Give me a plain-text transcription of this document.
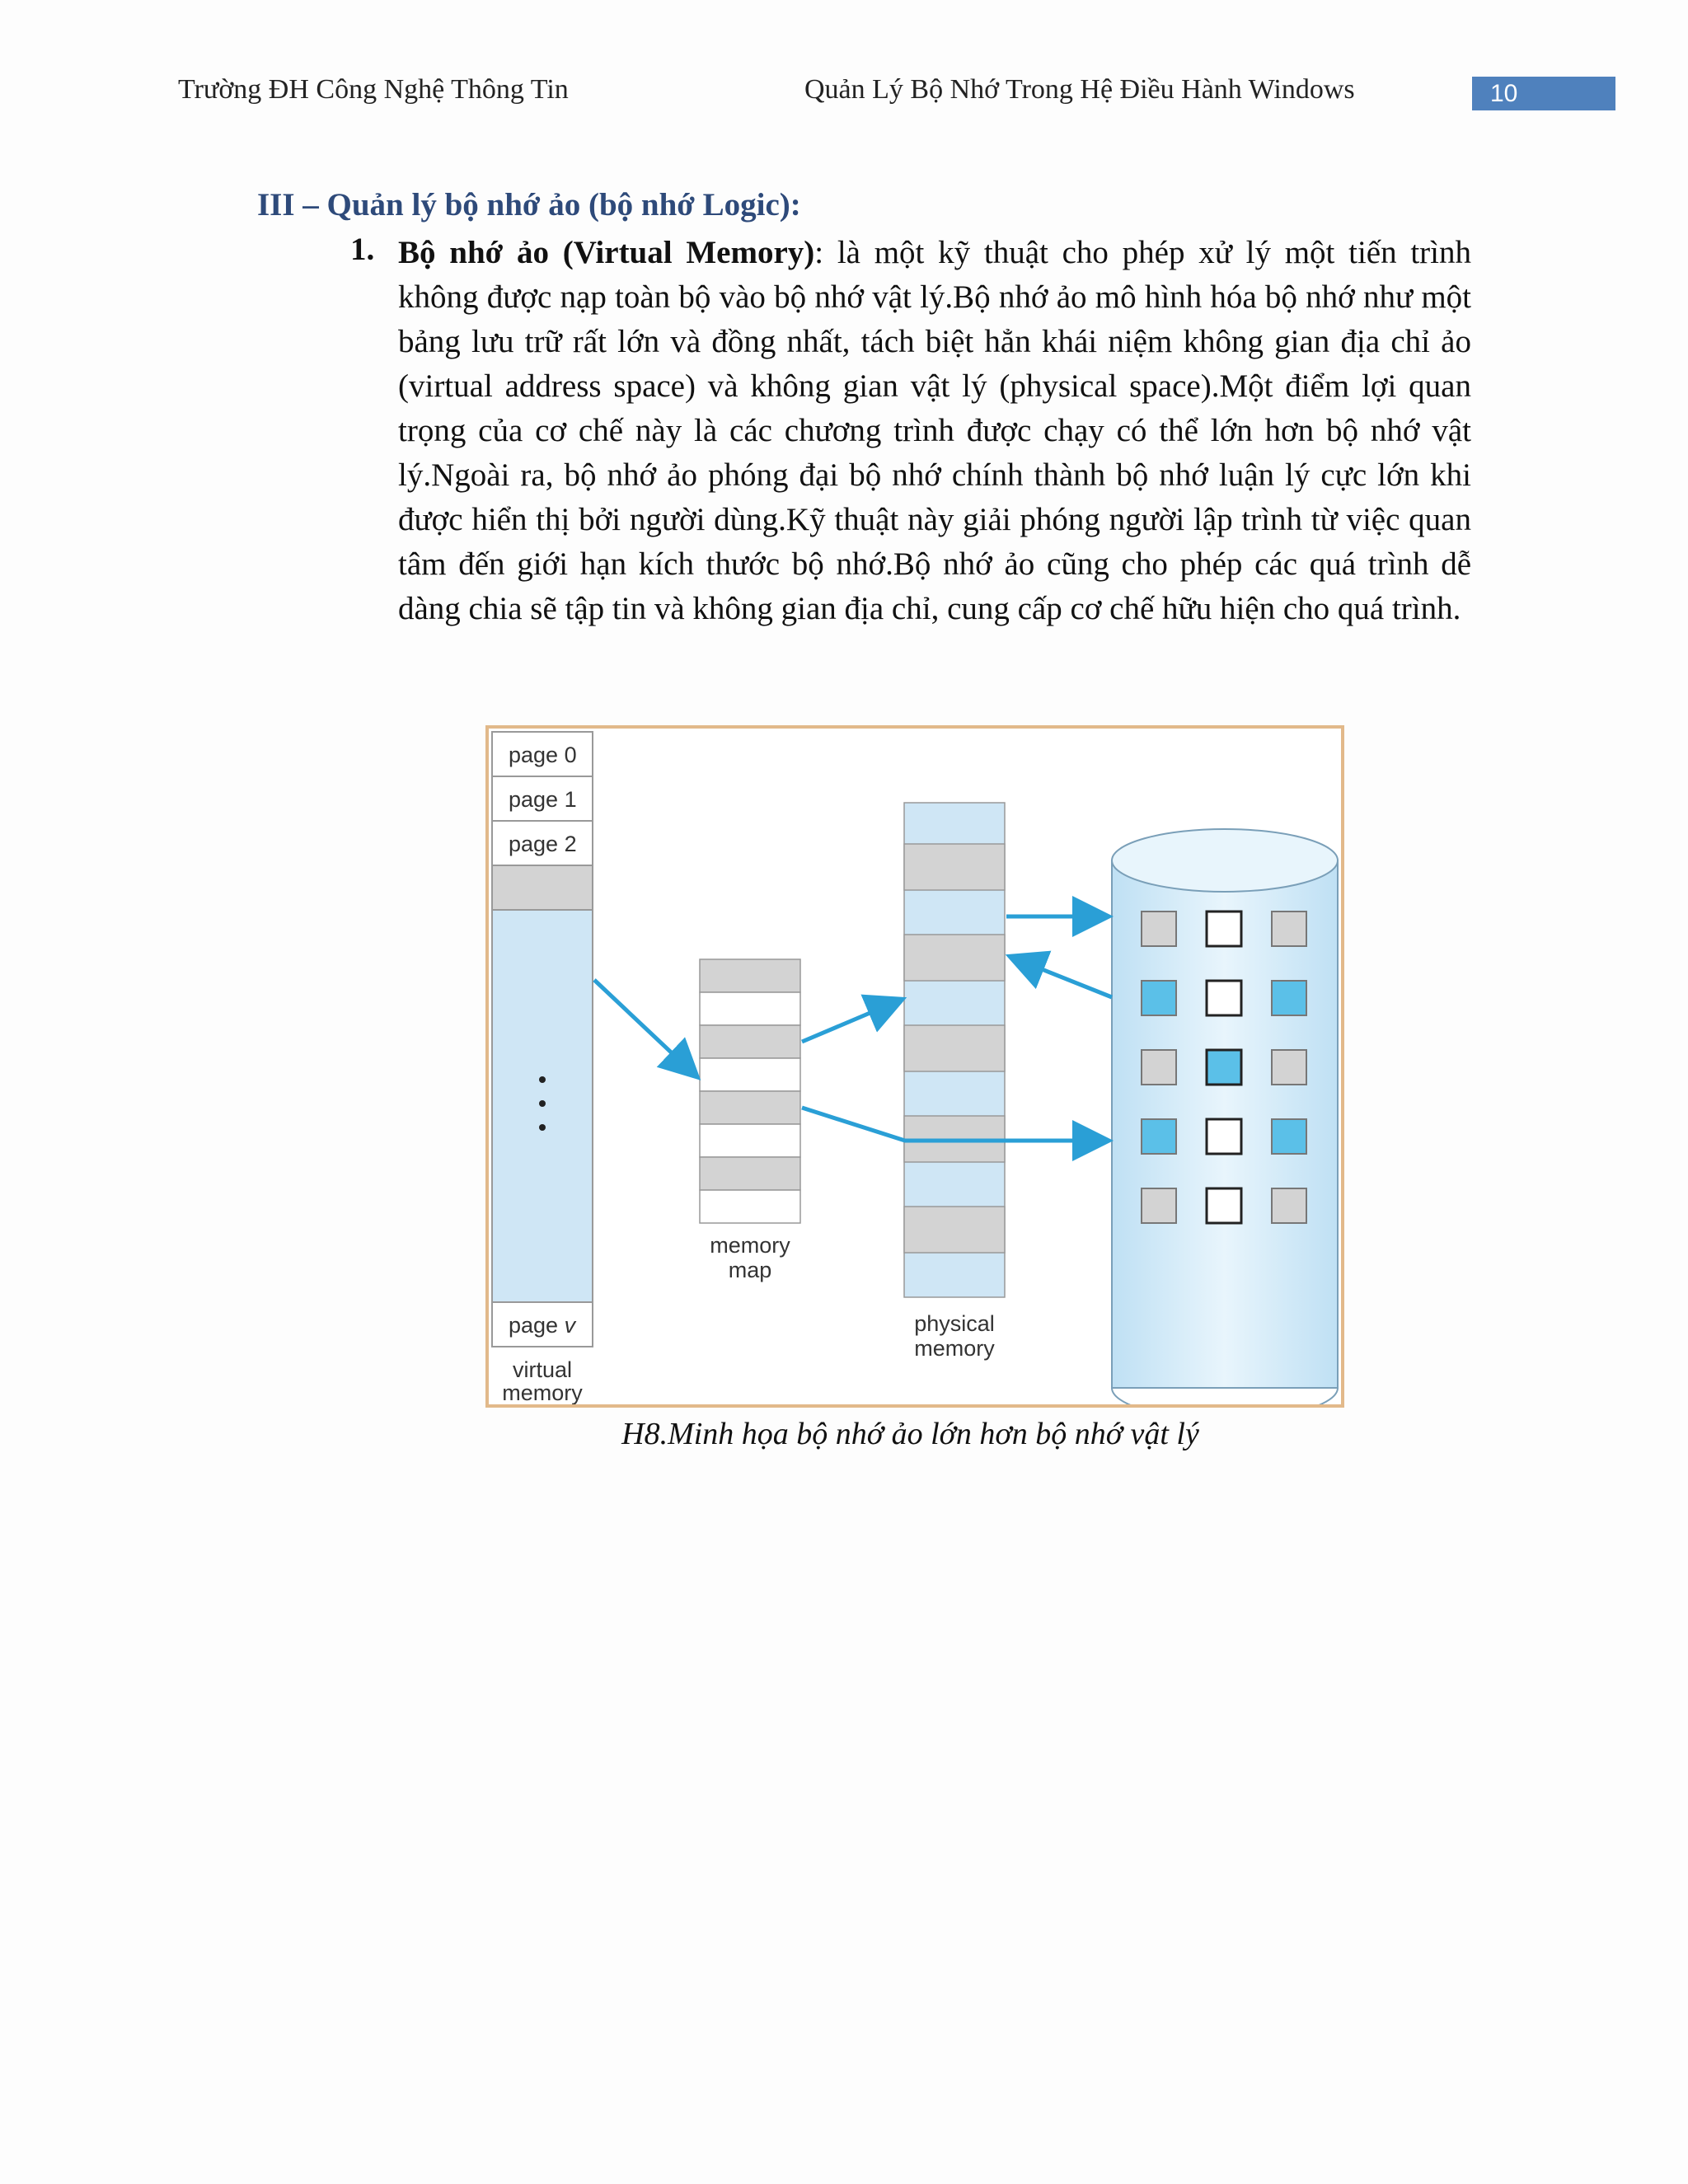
Trường ĐH Công Nghệ Thông Tin	Quản Lý Bộ Nhớ Trong Hệ Điều Hành Windows	10
III – Quản lý bộ nhớ ảo (bộ nhớ Logic):
1. Bộ nhớ ảo (Virtual Memory): là một kỹ thuật cho phép xử lý một tiến trình không được nạp toàn bộ vào bộ nhớ vật lý.Bộ nhớ ảo mô hình hóa bộ nhớ như một bảng lưu trữ rất lớn và đồng nhất, tách biệt hẳn khái niệm không gian địa chỉ ảo (virtual address space) và không gian vật lý (physical space).Một điểm lợi quan trọng của cơ chế này là các chương trình được chạy có thể lớn hơn bộ nhớ vật lý.Ngoài ra, bộ nhớ ảo phóng đại bộ nhớ chính thành bộ nhớ luận lý cực lớn khi được hiển thị bởi người dùng.Kỹ thuật này giải phóng người lập trình từ việc quan tâm đến giới hạn kích thước bộ nhớ.Bộ nhớ ảo cũng cho phép các quá trình dễ dàng chia sẽ tập tin và không gian địa chỉ, cung cấp cơ chế hữu hiện cho quá trình.

page 0
page 1
page 2
page v
virtual
memory
memory
map
physical
memory
H8.Minh họa bộ nhớ ảo lớn hơn bộ nhớ vật lý
